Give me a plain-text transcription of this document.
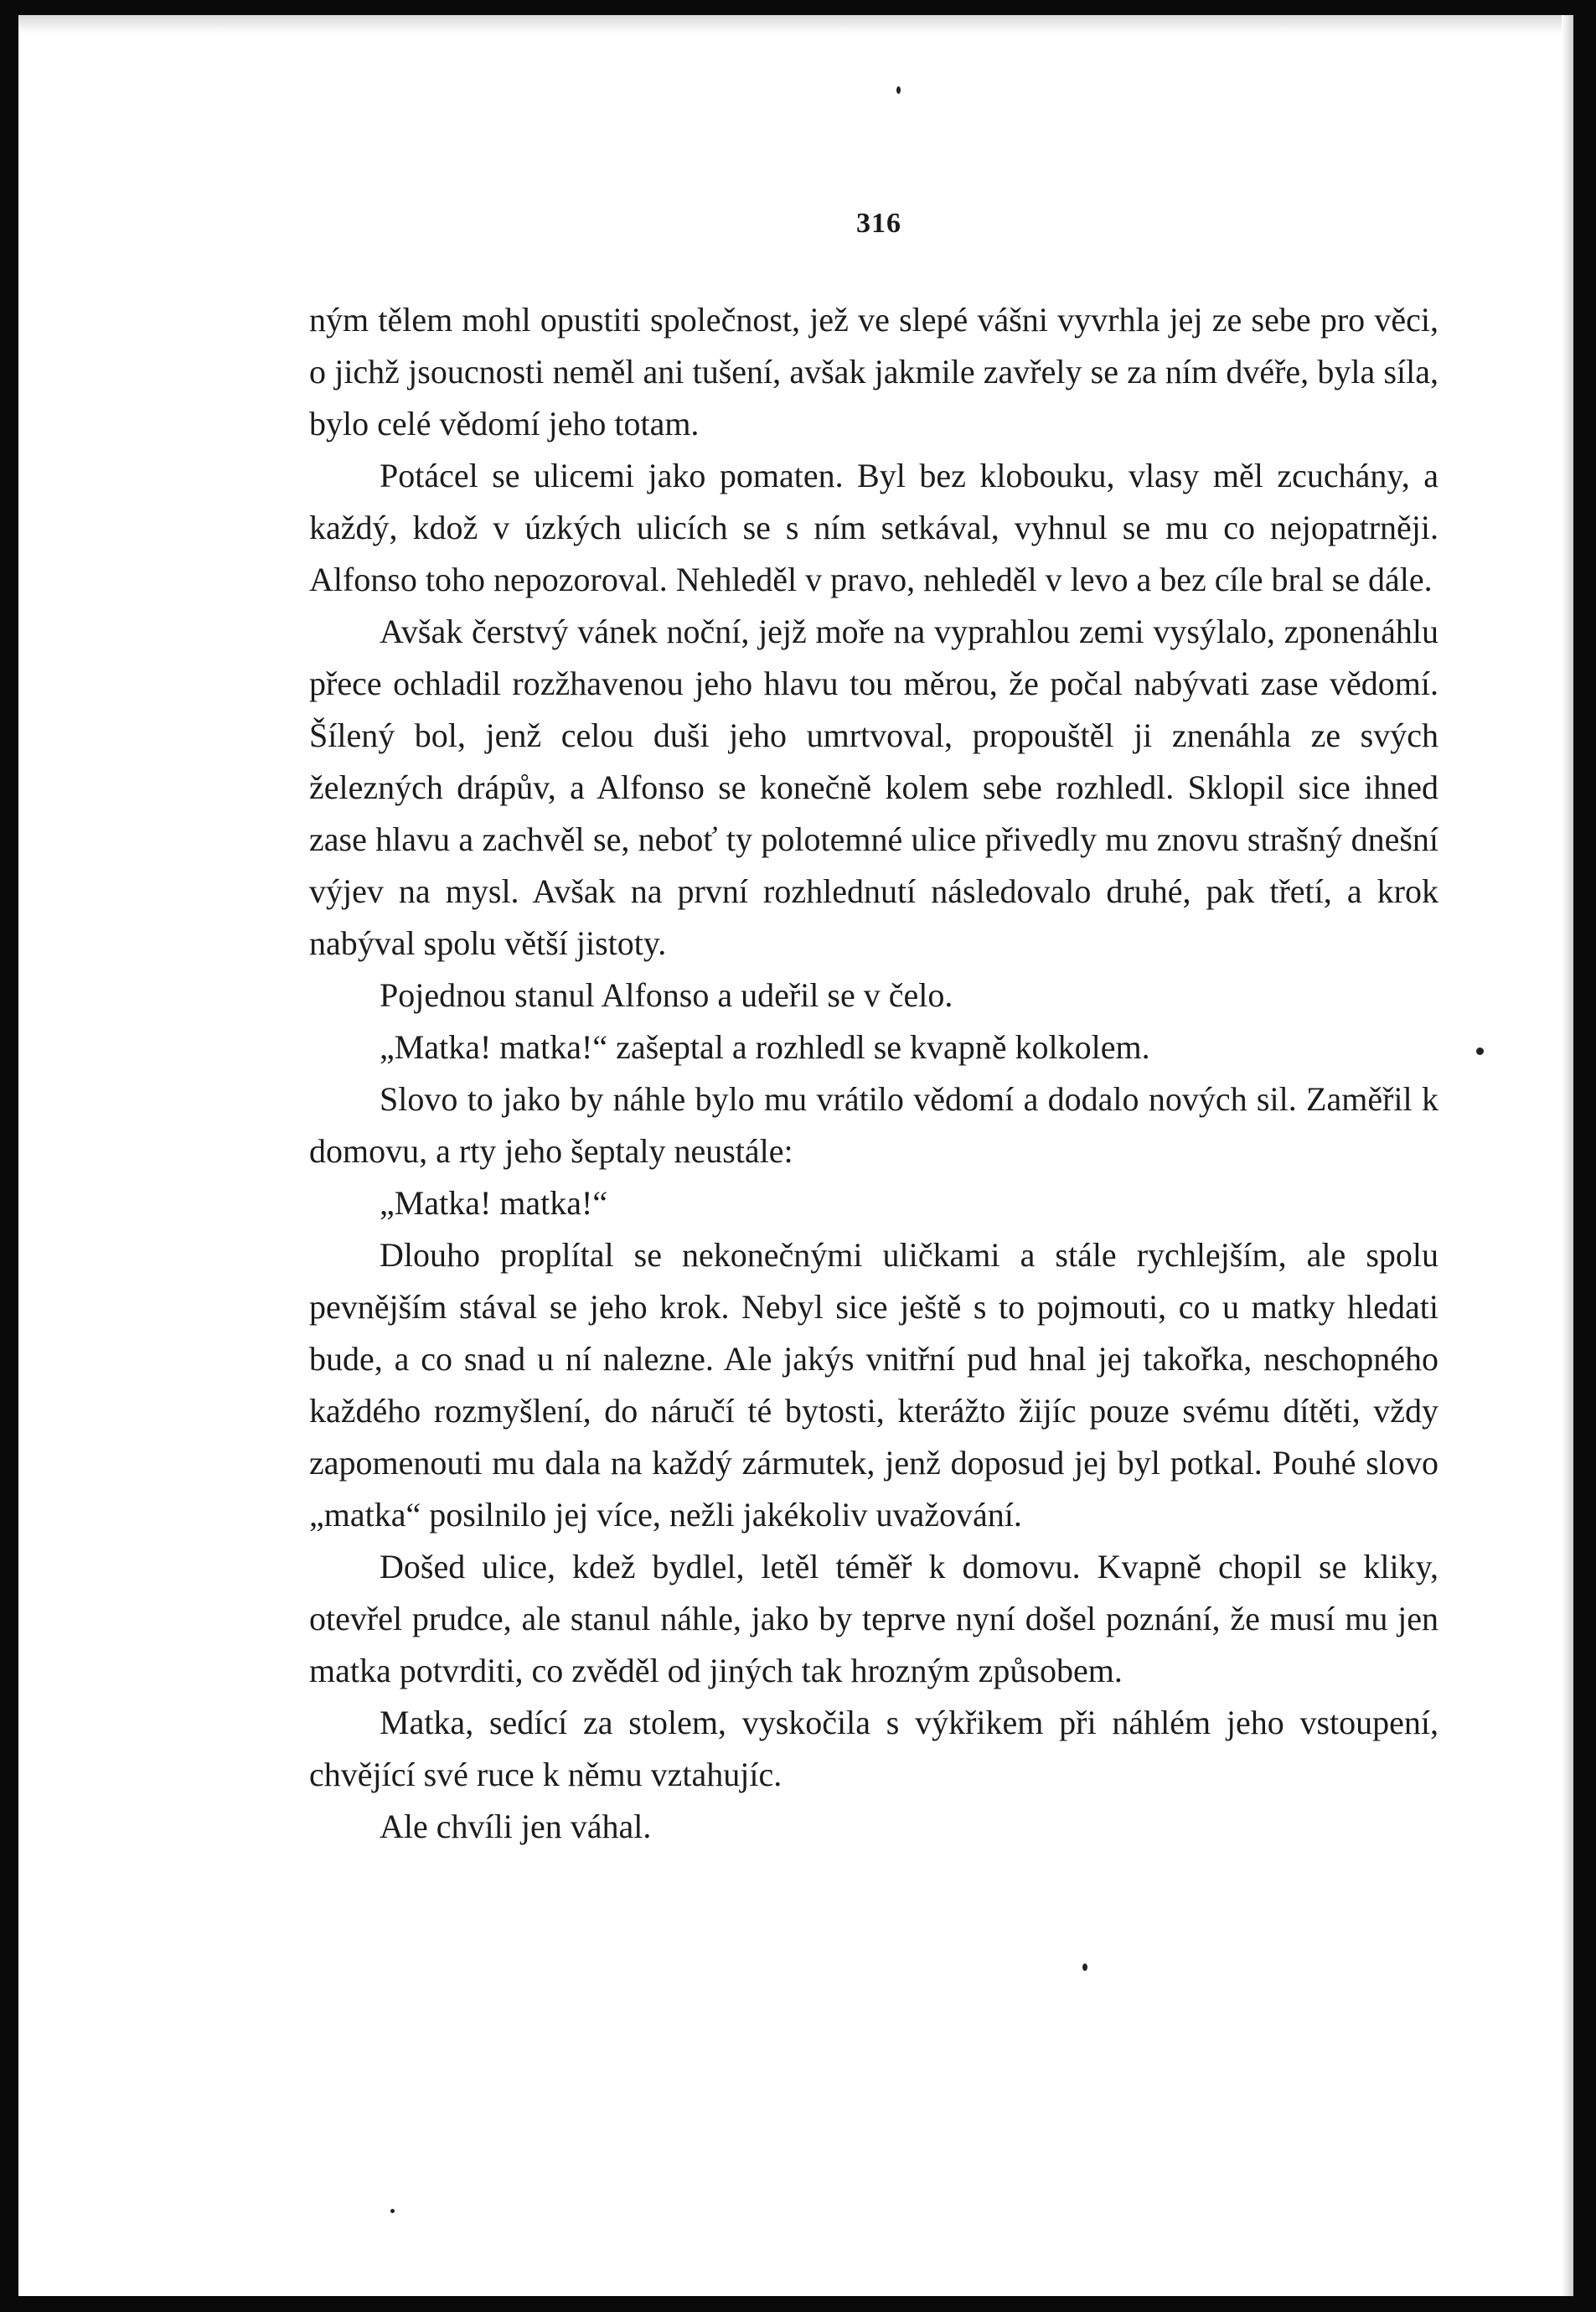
316

ným tělem mohl opustiti společnost, jež ve slepé vášni vyvrhla jej ze sebe pro věci, o jichž jsoucnosti neměl ani tušení, avšak jakmile zavřely se za ním dvéře, byla síla, bylo celé vědomí jeho totam.

Potácel se ulicemi jako pomaten. Byl bez klobouku, vlasy měl zcuchány, a každý, kdož v úzkých ulicích se s ním setkával, vyhnul se mu co nejopatrněji. Alfonso toho nepozoroval. Nehleděl v pravo, nehleděl v levo a bez cíle bral se dále.

Avšak čerstvý vánek noční, jejž moře na vyprahlou zemi vysýlalo, zponenáhlu přece ochladil rozžhavenou jeho hlavu tou měrou, že počal nabývati zase vědomí. Šílený bol, jenž celou duši jeho umrtvoval, propouštěl ji znenáhla ze svých železných drápův, a Alfonso se konečně kolem sebe rozhledl. Sklopil sice ihned zase hlavu a zachvěl se, neboť ty polotemné ulice přivedly mu znovu strašný dnešní výjev na mysl. Avšak na první rozhlednutí následovalo druhé, pak třetí, a krok nabýval spolu větší jistoty.

Pojednou stanul Alfonso a udeřil se v čelo.

„Matka! matka!“ zašeptal a rozhledl se kvapně kolkolem.

Slovo to jako by náhle bylo mu vrátilo vědomí a dodalo nových sil. Zaměřil k domovu, a rty jeho šeptaly neustále:

„Matka! matka!“

Dlouho proplítal se nekonečnými uličkami a stále rychlejším, ale spolu pevnějším stával se jeho krok. Nebyl sice ještě s to pojmouti, co u matky hledati bude, a co snad u ní nalezne. Ale jakýs vnitřní pud hnal jej takořka, neschopného každého rozmyšlení, do náručí té bytosti, kterážto žijíc pouze svému dítěti, vždy zapomenouti mu dala na každý zármutek, jenž doposud jej byl potkal. Pouhé slovo „matka“ posilnilo jej více, nežli jakékoliv uvažování.

Došed ulice, kdež bydlel, letěl téměř k domovu. Kvapně chopil se kliky, otevřel prudce, ale stanul náhle, jako by teprve nyní došel poznání, že musí mu jen matka potvrditi, co zvěděl od jiných tak hrozným způsobem.

Matka, sedící za stolem, vyskočila s výkřikem při náhlém jeho vstoupení, chvějící své ruce k němu vztahujíc.

Ale chvíli jen váhal.
